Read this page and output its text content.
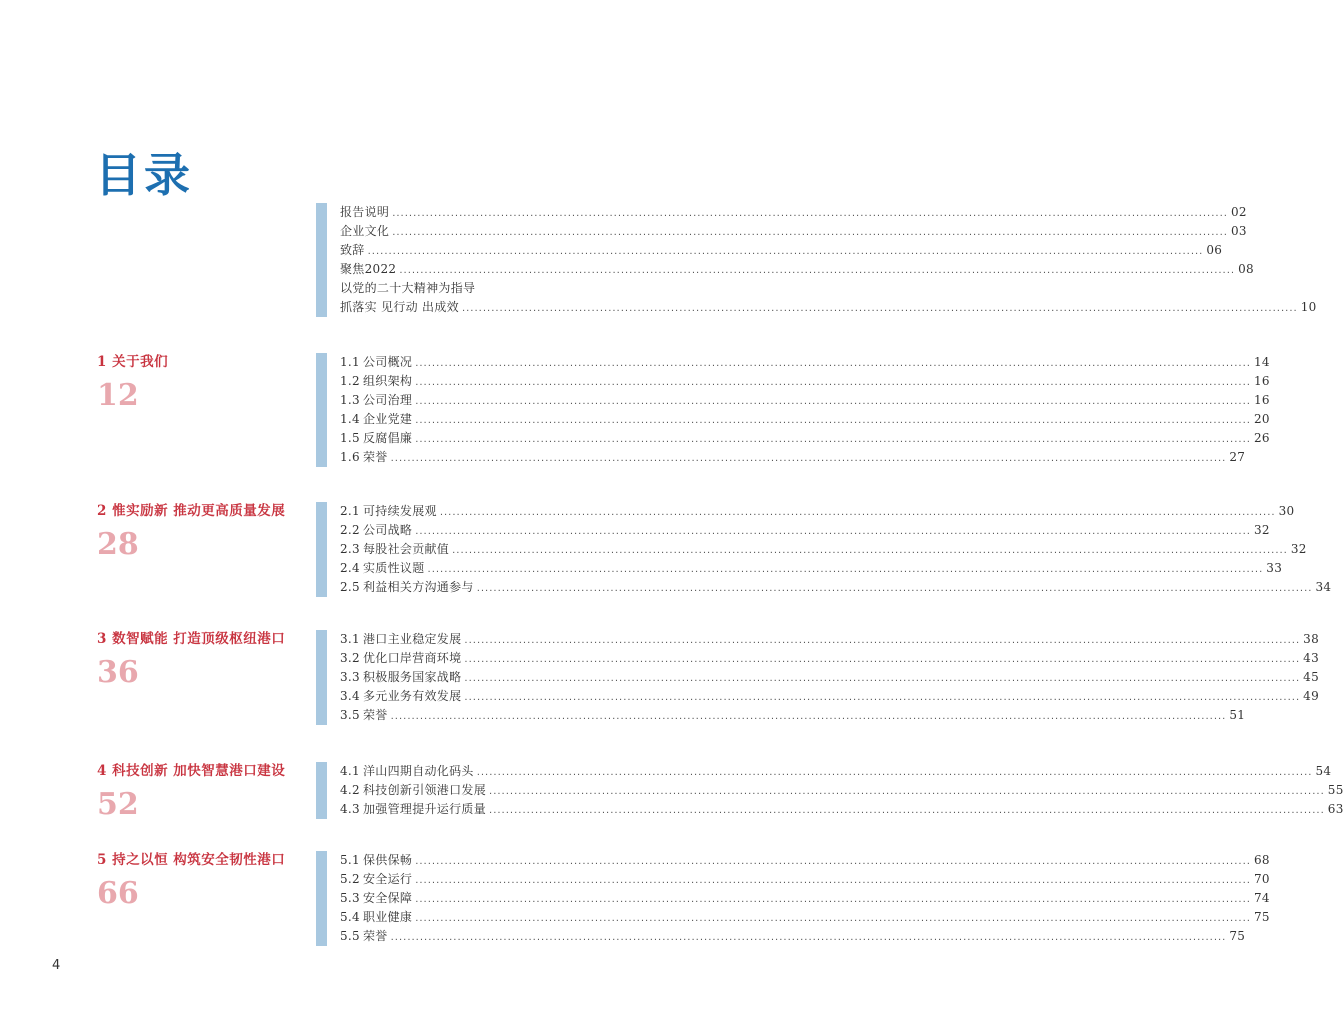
目录
报告说明 ........................................................................................................................................................................................................ 02
企业文化 ........................................................................................................................................................................................................ 03
致辞 ........................................................................................................................................................................................................ 06
聚焦2022 ........................................................................................................................................................................................................ 08
以党的二十大精神为指导
抓落实 见行动 出成效 ........................................................................................................................................................................................................ 10
1 关于我们
12
1.1 公司概况 ........................................................................................................................................................................................................ 14
1.2 组织架构 ........................................................................................................................................................................................................ 16
1.3 公司治理 ........................................................................................................................................................................................................ 16
1.4 企业党建 ........................................................................................................................................................................................................ 20
1.5 反腐倡廉 ........................................................................................................................................................................................................ 26
1.6 荣誉 ........................................................................................................................................................................................................ 27
2 惟实励新 推动更高质量发展
28
2.1 可持续发展观 ........................................................................................................................................................................................................ 30
2.2 公司战略 ........................................................................................................................................................................................................ 32
2.3 每股社会贡献值 ........................................................................................................................................................................................................ 32
2.4 实质性议题 ........................................................................................................................................................................................................ 33
2.5 利益相关方沟通参与 ........................................................................................................................................................................................................ 34
3 数智赋能 打造顶级枢纽港口
36
3.1 港口主业稳定发展 ........................................................................................................................................................................................................ 38
3.2 优化口岸营商环境 ........................................................................................................................................................................................................ 43
3.3 积极服务国家战略 ........................................................................................................................................................................................................ 45
3.4 多元业务有效发展 ........................................................................................................................................................................................................ 49
3.5 荣誉 ........................................................................................................................................................................................................ 51
4 科技创新 加快智慧港口建设
52
4.1 洋山四期自动化码头 ........................................................................................................................................................................................................ 54
4.2 科技创新引领港口发展 ........................................................................................................................................................................................................ 55
4.3 加强管理提升运行质量 ........................................................................................................................................................................................................ 63
5 持之以恒 构筑安全韧性港口
66
5.1 保供保畅 ........................................................................................................................................................................................................ 68
5.2 安全运行 ........................................................................................................................................................................................................ 70
5.3 安全保障 ........................................................................................................................................................................................................ 74
5.4 职业健康 ........................................................................................................................................................................................................ 75
5.5 荣誉 ........................................................................................................................................................................................................ 75
4
